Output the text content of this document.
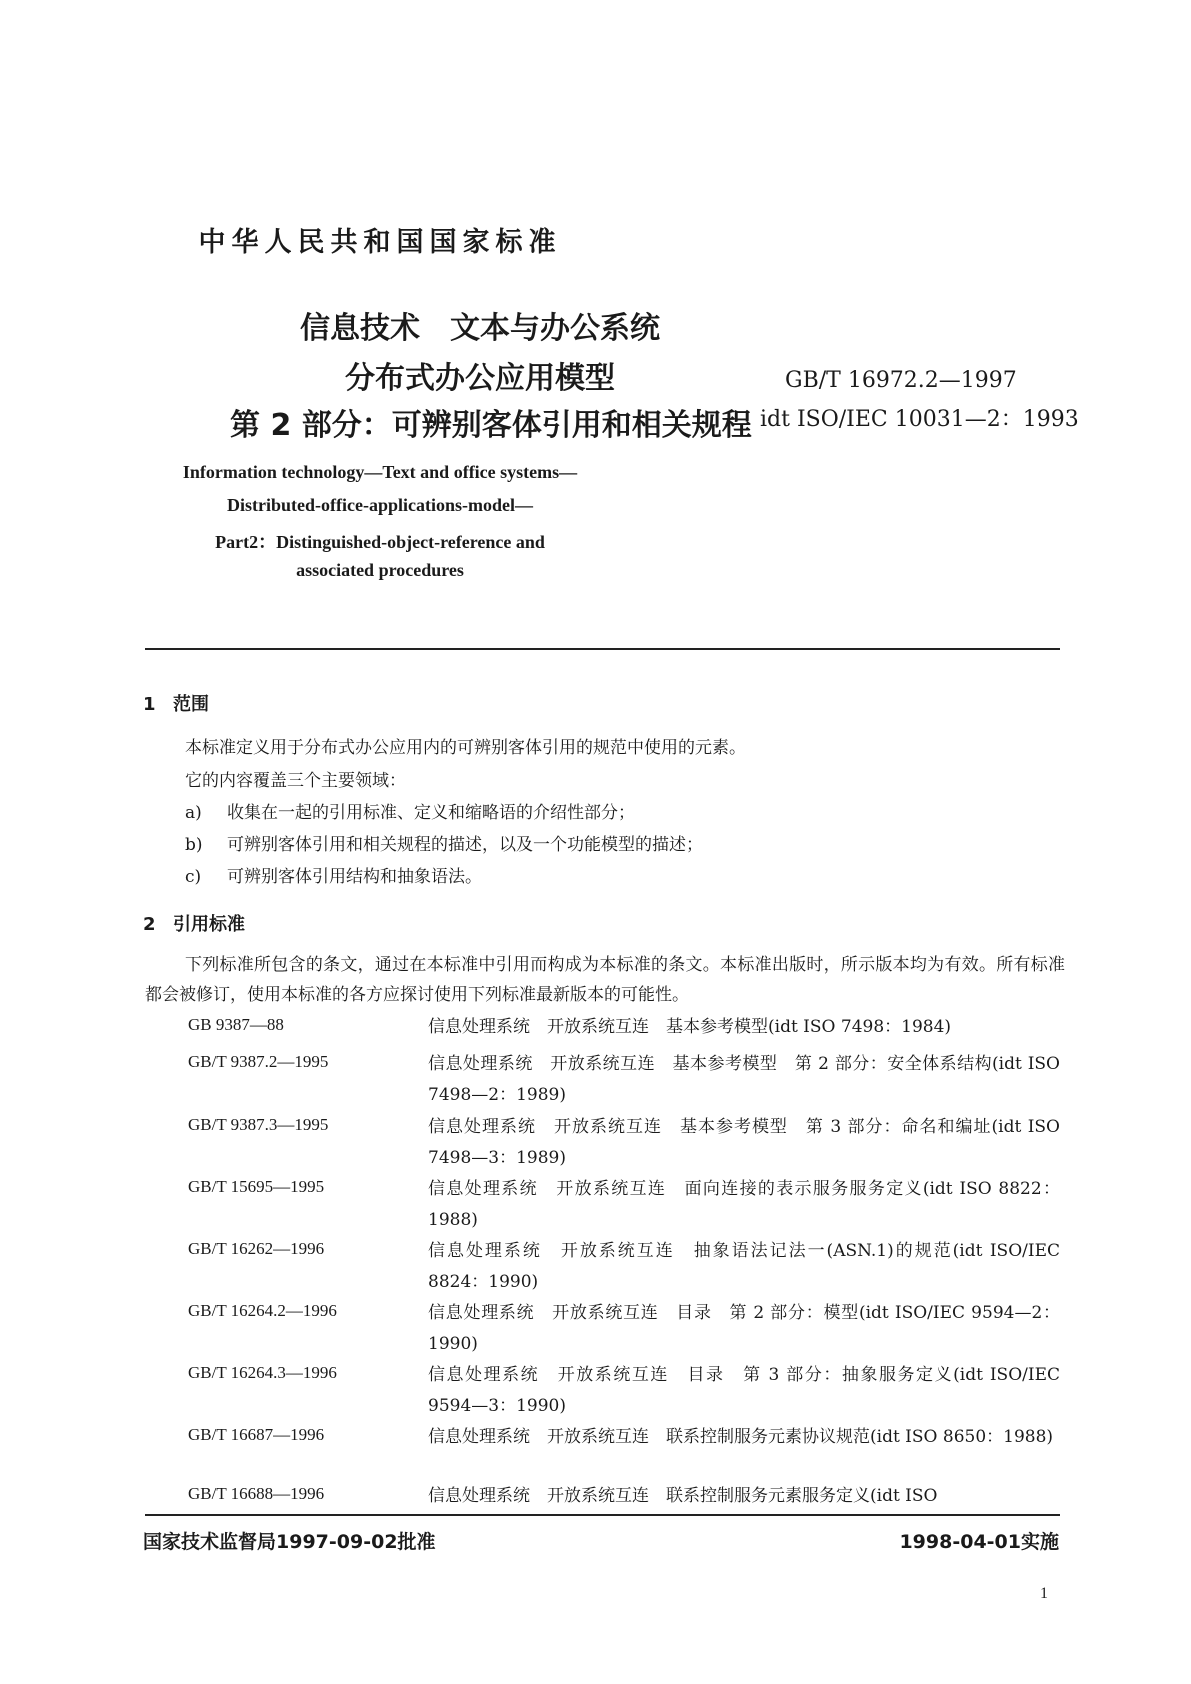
中华人民共和国国家标准
信息技术　文本与办公系统
分布式办公应用模型
第 2 部分：可辨别客体引用和相关规程
GB/T 16972.2—1997
idt ISO/IEC 10031—2：1993
Information technology—Text and office systems—
Distributed-office-applications-model—
Part2：Distinguished-object-reference and
associated procedures
1 范围
本标准定义用于分布式办公应用内的可辨别客体引用的规范中使用的元素。
它的内容覆盖三个主要领域：
a) 收集在一起的引用标准、定义和缩略语的介绍性部分；
b) 可辨别客体引用和相关规程的描述，以及一个功能模型的描述；
c) 可辨别客体引用结构和抽象语法。
2 引用标准
下列标准所包含的条文，通过在本标准中引用而构成为本标准的条文。本标准出版时，所示版本均为有效。所有标准都会被修订，使用本标准的各方应探讨使用下列标准最新版本的可能性。
GB 9387—88	信息处理系统　开放系统互连　基本参考模型(idt ISO 7498：1984)
GB/T 9387.2—1995	信息处理系统　开放系统互连　基本参考模型　第 2 部分：安全体系结构(idt ISO 7498—2：1989)
GB/T 9387.3—1995	信息处理系统　开放系统互连　基本参考模型　第 3 部分：命名和编址(idt ISO 7498—3：1989)
GB/T 15695—1995	信息处理系统　开放系统互连　面向连接的表示服务服务定义(idt ISO 8822：1988)
GB/T 16262—1996	信息处理系统　开放系统互连　抽象语法记法一(ASN.1)的规范(idt ISO/IEC 8824：1990)
GB/T 16264.2—1996	信息处理系统　开放系统互连　目录　第 2 部分：模型(idt ISO/IEC 9594—2：1990)
GB/T 16264.3—1996	信息处理系统　开放系统互连　目录　第 3 部分：抽象服务定义(idt ISO/IEC 9594—3：1990)
GB/T 16687—1996	信息处理系统　开放系统互连　联系控制服务元素协议规范(idt ISO 8650：1988)
GB/T 16688—1996	信息处理系统　开放系统互连　联系控制服务元素服务定义(idt ISO
国家技术监督局1997-09-02批准	1998-04-01实施
1
